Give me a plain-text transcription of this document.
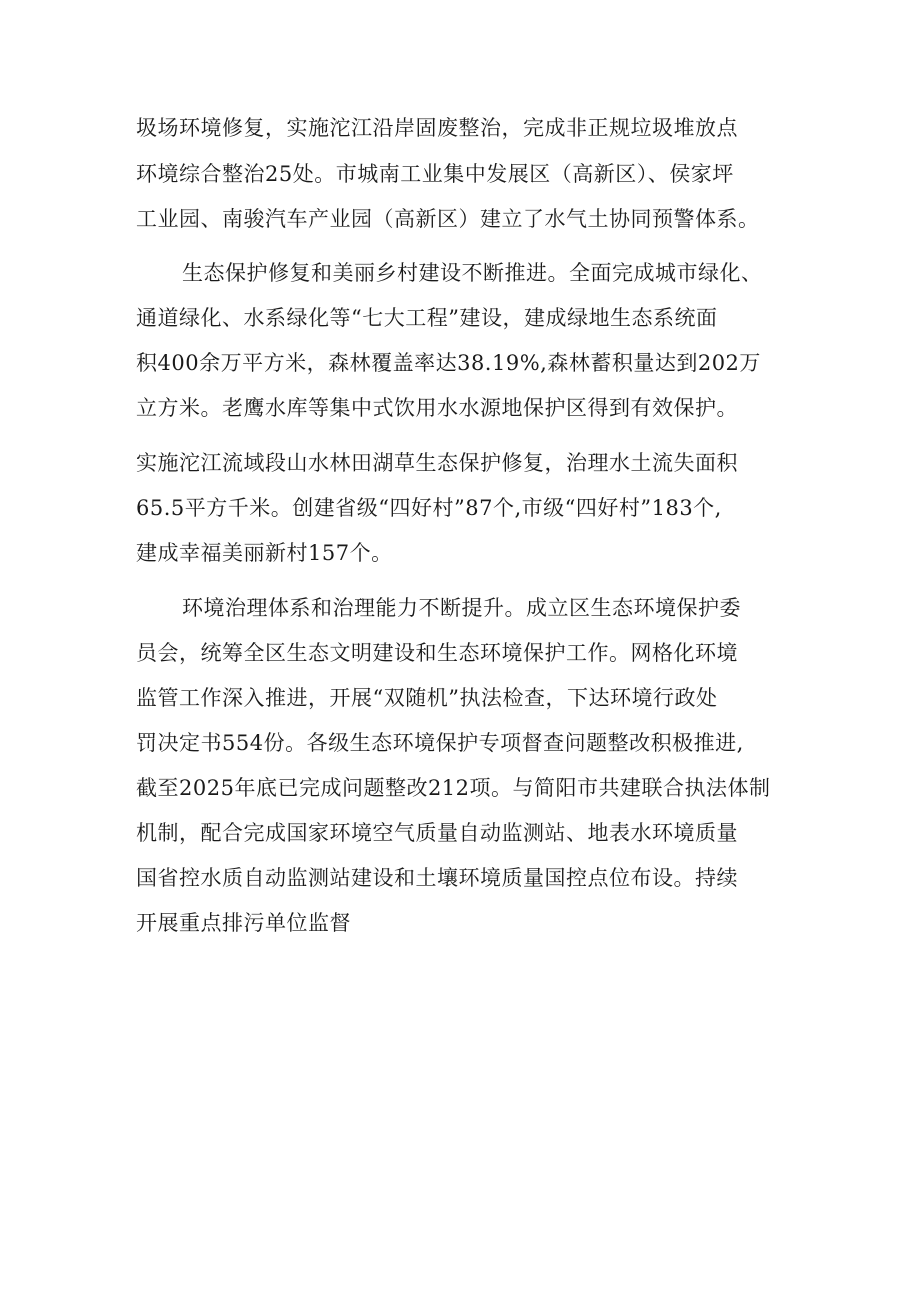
圾场环境修复，实施沱江沿岸固废整治，完成非正规垃圾堆放点
环境综合整治25处。市城南工业集中发展区（高新区）、侯家坪
工业园、南骏汽车产业园（高新区）建立了水气土协同预警体系。
生态保护修复和美丽乡村建设不断推进。全面完成城市绿化、
通道绿化、水系绿化等“七大工程”建设，建成绿地生态系统面
积400余万平方米，森林覆盖率达38.19%,森林蓄积量达到202万
立方米。老鹰水库等集中式饮用水水源地保护区得到有效保护。
实施沱江流域段山水林田湖草生态保护修复，治理水土流失面积
65.5平方千米。创建省级“四好村”87个,市级“四好村”183个,
建成幸福美丽新村157个。
环境治理体系和治理能力不断提升。成立区生态环境保护委
员会，统筹全区生态文明建设和生态环境保护工作。网格化环境
监管工作深入推进，开展“双随机”执法检查，下达环境行政处
罚决定书554份。各级生态环境保护专项督查问题整改积极推进,
截至2025年底已完成问题整改212项。与简阳市共建联合执法体制
机制，配合完成国家环境空气质量自动监测站、地表水环境质量
国省控水质自动监测站建设和土壤环境质量国控点位布设。持续
开展重点排污单位监督
